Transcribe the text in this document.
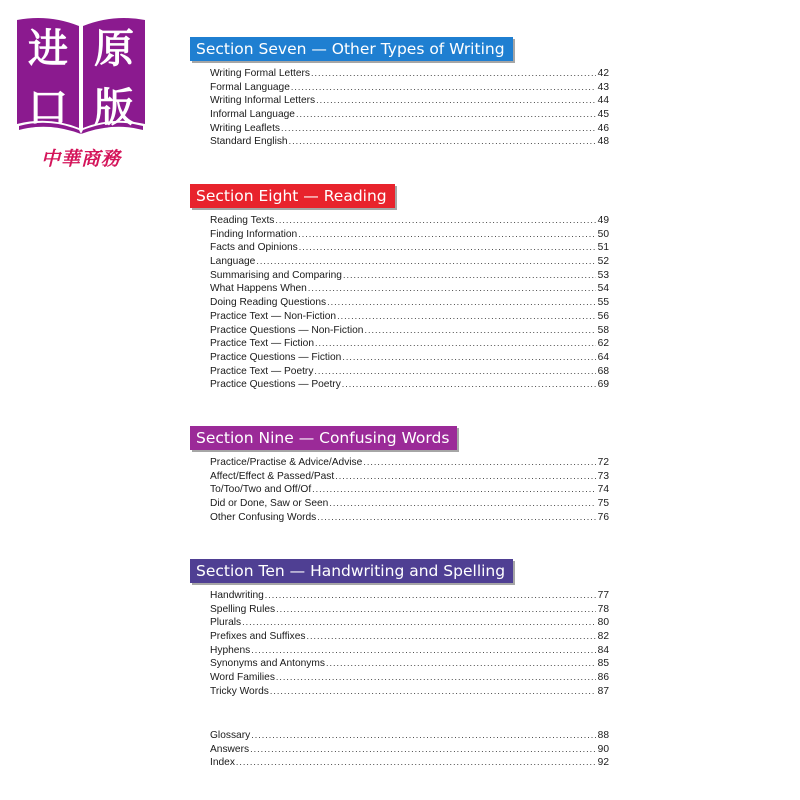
进 原
口 版
中華商務
Section Seven — Other Types of Writing
Writing Formal Letters .....	42
Formal Language .....	43
Writing Informal Letters .....	44
Informal Language .....	45
Writing Leaflets .....	46
Standard English .....	48
Section Eight — Reading
Reading Texts .....	49
Finding Information .....	50
Facts and Opinions .....	51
Language .....	52
Summarising and Comparing .....	53
What Happens When .....	54
Doing Reading Questions .....	55
Practice Text — Non-Fiction .....	56
Practice Questions — Non-Fiction .....	58
Practice Text — Fiction .....	62
Practice Questions — Fiction .....	64
Practice Text — Poetry .....	68
Practice Questions — Poetry .....	69
Section Nine — Confusing Words
Practice/Practise & Advice/Advise .....	72
Affect/Effect & Passed/Past .....	73
To/Too/Two and Off/Of .....	74
Did or Done, Saw or Seen .....	75
Other Confusing Words .....	76
Section Ten — Handwriting and Spelling
Handwriting .....	77
Spelling Rules .....	78
Plurals .....	80
Prefixes and Suffixes .....	82
Hyphens .....	84
Synonyms and Antonyms .....	85
Word Families .....	86
Tricky Words .....	87
Glossary .....	88
Answers .....	90
Index .....	92
